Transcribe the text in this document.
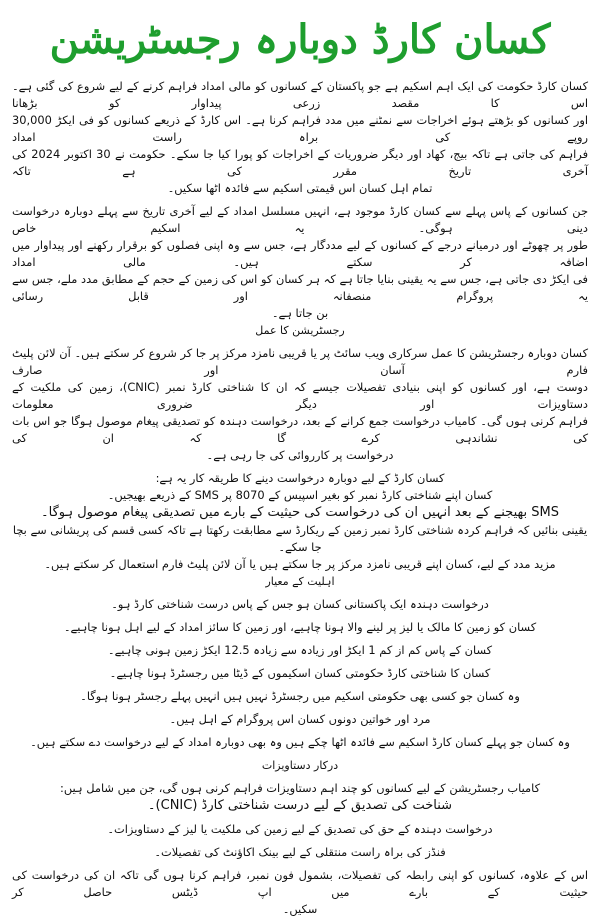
کسان کارڈ دوبارہ رجسٹریشن

کسان کارڈ حکومت کی ایک اہم اسکیم ہے جو پاکستان کے کسانوں کو مالی امداد فراہم کرنے کے لیے شروع کی گئی ہے۔ اس کا مقصد زرعی پیداوار کو بڑھانا

اور کسانوں کو بڑھتے ہوئے اخراجات سے نمٹنے میں مدد فراہم کرنا ہے۔ اس کارڈ کے ذریعے کسانوں کو فی ایکڑ 30,000 روپے کی براہ راست امداد

فراہم کی جاتی ہے تاکہ بیج، کھاد اور دیگر ضروریات کے اخراجات کو پورا کیا جا سکے۔ حکومت نے 30 اکتوبر 2024 کی آخری تاریخ مقرر کی ہے تاکہ

تمام اہل کسان اس قیمتی اسکیم سے فائدہ اٹھا سکیں۔

جن کسانوں کے پاس پہلے سے کسان کارڈ موجود ہے، انہیں مسلسل امداد کے لیے آخری تاریخ سے پہلے دوبارہ درخواست دینی ہوگی۔ یہ اسکیم خاص

طور پر چھوٹے اور درمیانے درجے کے کسانوں کے لیے مددگار ہے، جس سے وہ اپنی فصلوں کو برقرار رکھنے اور پیداوار میں اضافہ کر سکتے ہیں۔ مالی امداد

فی ایکڑ دی جاتی ہے، جس سے یہ یقینی بنایا جاتا ہے کہ ہر کسان کو اس کی زمین کے حجم کے مطابق مدد ملے، جس سے یہ پروگرام منصفانہ اور قابل رسائی

بن جاتا ہے۔

رجسٹریشن کا عمل

کسان دوبارہ رجسٹریشن کا عمل سرکاری ویب سائٹ پر یا قریبی نامزد مرکز پر جا کر شروع کر سکتے ہیں۔ آن لائن پلیٹ فارم آسان اور صارف

دوست ہے، اور کسانوں کو اپنی بنیادی تفصیلات جیسے کہ ان کا شناختی کارڈ نمبر (CNIC)، زمین کی ملکیت کے دستاویزات اور دیگر ضروری معلومات

فراہم کرنی ہوں گی۔ کامیاب درخواست جمع کرانے کے بعد، درخواست دہندہ کو تصدیقی پیغام موصول ہوگا جو اس بات کی نشاندہی کرے گا کہ ان کی

درخواست پر کارروائی کی جا رہی ہے۔

کسان کارڈ کے لیے دوبارہ درخواست دینے کا طریقہ کار یہ ہے:

کسان اپنے شناختی کارڈ نمبر کو بغیر اسپیس کے 8070 پر SMS کے ذریعے بھیجیں۔

SMS بھیجنے کے بعد انہیں ان کی درخواست کی حیثیت کے بارے میں تصدیقی پیغام موصول ہوگا۔

یقینی بنائیں کہ فراہم کردہ شناختی کارڈ نمبر زمین کے ریکارڈ سے مطابقت رکھتا ہے تاکہ کسی قسم کی پریشانی سے بچا جا سکے۔

مزید مدد کے لیے، کسان اپنے قریبی نامزد مرکز پر جا سکتے ہیں یا آن لائن پلیٹ فارم استعمال کر سکتے ہیں۔

اہلیت کے معیار

درخواست دہندہ ایک پاکستانی کسان ہو جس کے پاس درست شناختی کارڈ ہو۔

کسان کو زمین کا مالک یا لیز پر لینے والا ہونا چاہیے، اور زمین کا سائز امداد کے لیے اہل ہونا چاہیے۔

کسان کے پاس کم از کم 1 ایکڑ اور زیادہ سے زیادہ 12.5 ایکڑ زمین ہونی چاہیے۔

کسان کا شناختی کارڈ حکومتی کسان اسکیموں کے ڈیٹا میں رجسٹرڈ ہونا چاہیے۔

وہ کسان جو کسی بھی حکومتی اسکیم میں رجسٹرڈ نہیں ہیں انہیں پہلے رجسٹر ہونا ہوگا۔

مرد اور خواتین دونوں کسان اس پروگرام کے اہل ہیں۔

وہ کسان جو پہلے کسان کارڈ اسکیم سے فائدہ اٹھا چکے ہیں وہ بھی دوبارہ امداد کے لیے درخواست دے سکتے ہیں۔

درکار دستاویزات

کامیاب رجسٹریشن کے لیے کسانوں کو چند اہم دستاویزات فراہم کرنی ہوں گی، جن میں شامل ہیں:

شناخت کی تصدیق کے لیے درست شناختی کارڈ (CNIC)۔

درخواست دہندہ کے حق کی تصدیق کے لیے زمین کی ملکیت یا لیز کے دستاویزات۔

فنڈز کی براہ راست منتقلی کے لیے بینک اکاؤنٹ کی تفصیلات۔

اس کے علاوہ، کسانوں کو اپنی رابطہ کی تفصیلات، بشمول فون نمبر، فراہم کرنا ہوں گی تاکہ ان کی درخواست کی حیثیت کے بارے میں اپ ڈیٹس حاصل کر

سکیں۔
